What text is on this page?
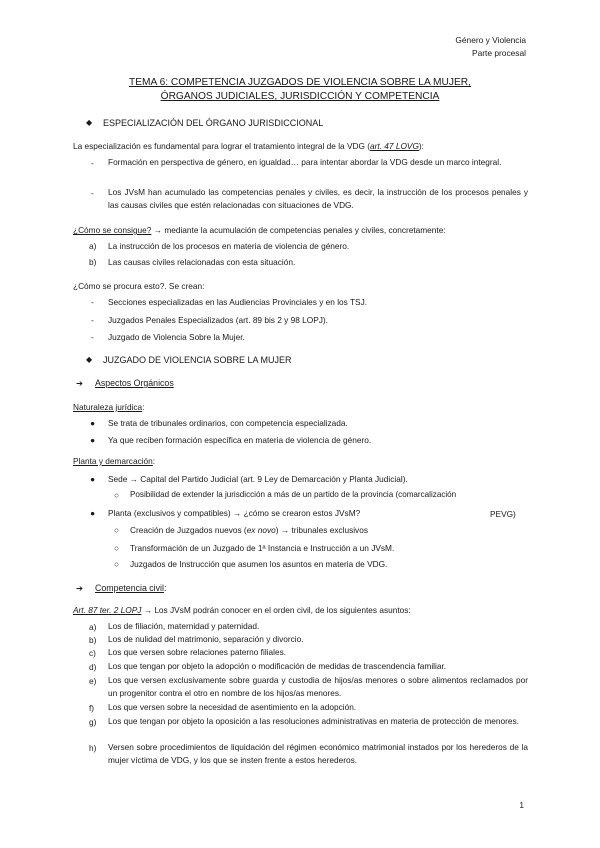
Género y Violencia
Parte procesal
TEMA 6: COMPETENCIA JUZGADOS DE VIOLENCIA SOBRE LA MUJER,
ÓRGANOS JUDICIALES, JURISDICCIÓN Y COMPETENCIA
◆ ESPECIALIZACIÓN DEL ÓRGANO JURISDICCIONAL
La especialización es fundamental para lograr el tratamiento integral de la VDG (art. 47 LOVG):
- Formación en perspectiva de género, en igualdad… para intentar abordar la VDG desde un marco integral.
- Los JVsM han acumulado las competencias penales y civiles, es decir, la instrucción de los procesos penales y las causas civiles que estén relacionadas con situaciones de VDG.
¿Cómo se consigue? → mediante la acumulación de competencias penales y civiles, concretamente:
a) La instrucción de los procesos en materia de violencia de género.
b) Las causas civiles relacionadas con esta situación.
¿Cómo se procura esto?. Se crean:
- Secciones especializadas en las Audiencias Provinciales y en los TSJ.
- Juzgados Penales Especializados (art. 89 bis 2 y 98 LOPJ).
- Juzgado de Violencia Sobre la Mujer.
◆ JUZGADO DE VIOLENCIA SOBRE LA MUJER
➔ Aspectos Orgánicos
Naturaleza jurídica:
● Se trata de tribunales ordinarios, con competencia especializada.
● Ya que reciben formación específica en materia de violencia de género.
Planta y demarcación:
● Sede → Capital del Partido Judicial (art. 9 Ley de Demarcación y Planta Judicial).
○ Posibilidad de extender la jurisdicción a más de un partido de la provincia (comarcalización
● Planta (exclusivos y compatibles) → ¿cómo se crearon estos JVsM?	PEVG)
○ Creación de Juzgados nuevos (ex novo) → tribunales exclusivos
○ Transformación de un Juzgado de 1ª Instancia e Instrucción a un JVsM.
○ Juzgados de Instrucción que asumen los asuntos en materia de VDG.
➔ Competencia civil:
Art. 87 ter. 2 LOPJ → Los JVsM podrán conocer en el orden civil, de los siguientes asuntos:
a) Los de filiación, maternidad y paternidad.
b) Los de nulidad del matrimonio, separación y divorcio.
c) Los que versen sobre relaciones paterno filiales.
d) Los que tengan por objeto la adopción o modificación de medidas de trascendencia familiar.
e) Los que versen exclusivamente sobre guarda y custodia de hijos/as menores o sobre alimentos reclamados por un progenitor contra el otro en nombre de los hijos/as menores.
f) Los que versen sobre la necesidad de asentimiento en la adopción.
g) Los que tengan por objeto la oposición a las resoluciones administrativas en materia de protección de menores.
h) Versen sobre procedimientos de liquidación del régimen económico matrimonial instados por los herederos de la mujer víctima de VDG, y los que se insten frente a estos herederos.
1
